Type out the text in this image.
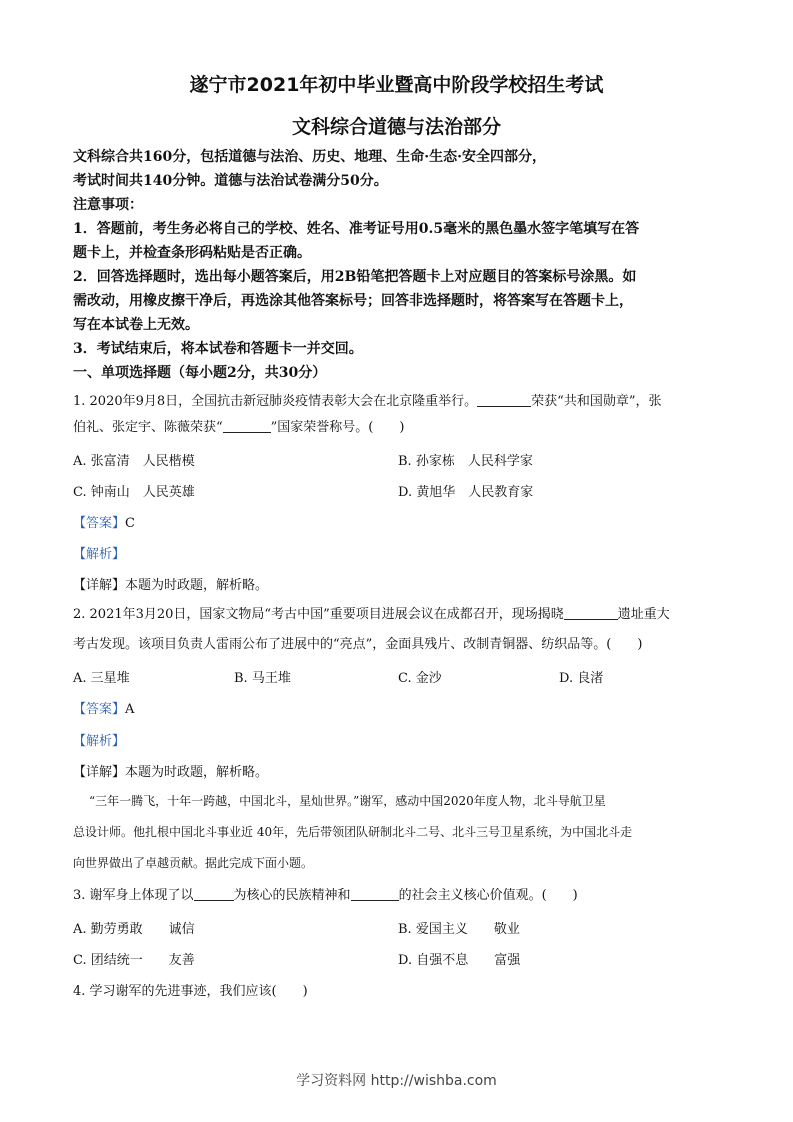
遂宁市2021年初中毕业暨高中阶段学校招生考试
文科综合道德与法治部分
文科综合共160分，包括道德与法治、历史、地理、生命·生态·安全四部分，
考试时间共140分钟。道德与法治试卷满分50分。
注意事项：
1．答题前，考生务必将自己的学校、姓名、准考证号用0.5毫米的黑色墨水签字笔填写在答
题卡上，并检查条形码粘贴是否正确。
2．回答选择题时，选出每小题答案后，用2B铅笔把答题卡上对应题目的答案标号涂黑。如
需改动，用橡皮擦干净后，再选涂其他答案标号；回答非选择题时，将答案写在答题卡上，
写在本试卷上无效。
3．考试结束后，将本试卷和答题卡一并交回。
一、单项选择题（每小题2分，共30分）
1. 2020年9月8日，全国抗击新冠肺炎疫情表彰大会在北京隆重举行。	荣获“共和国勋章”，张
伯礼、张定宇、陈薇荣获“	”国家荣誉称号。(　　)
A. 张富清　人民楷模	B. 孙家栋　人民科学家
C. 钟南山　人民英雄	D. 黄旭华　人民教育家
【答案】C
【解析】
【详解】本题为时政题，解析略。
2. 2021年3月20日，国家文物局“考古中国”重要项目进展会议在成都召开，现场揭晓	遗址重大
考古发现。该项目负责人雷雨公布了进展中的“亮点”，金面具残片、改制青铜器、纺织品等。(　　)
A. 三星堆	B. 马王堆	C. 金沙	D. 良渚
【答案】A
【解析】
【详解】本题为时政题，解析略。
“三年一腾飞，十年一跨越，中国北斗，星灿世界。”谢军，感动中国2020年度人物，北斗导航卫星
总设计师。他扎根中国北斗事业近 40年，先后带领团队研制北斗二号、北斗三号卫星系统，为中国北斗走
向世界做出了卓越贡献。据此完成下面小题。
3. 谢军身上体现了以	为核心的民族精神和	的社会主义核心价值观。(　　)
A. 勤劳勇敢　　诚信	B. 爱国主义　　敬业
C. 团结统一　　友善	D. 自强不息　　富强
4. 学习谢军的先进事迹，我们应该(　　)
学习资料网 http://wishba.com
